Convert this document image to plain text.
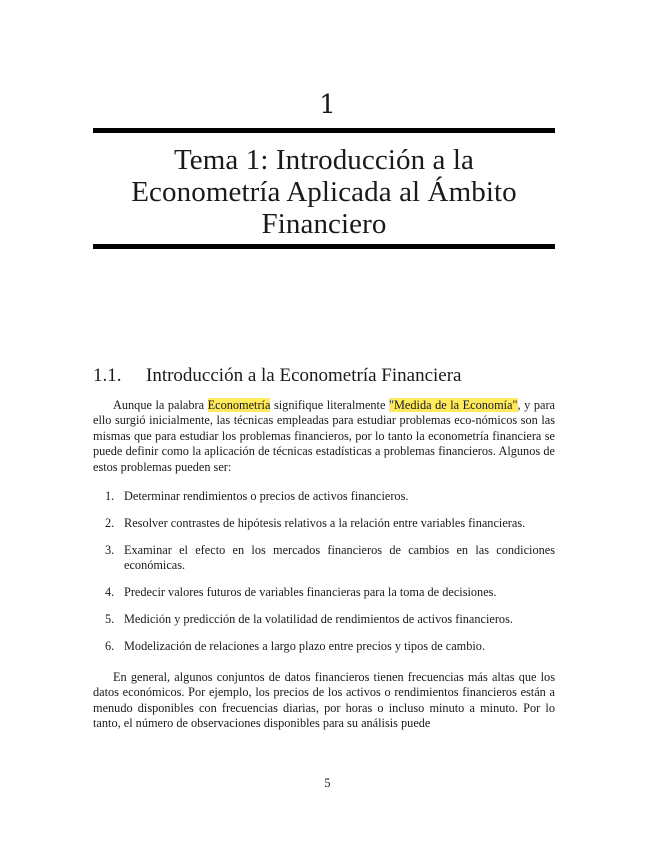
1
Tema 1: Introducción a la
Econometría Aplicada al Ámbito
Financiero
1.1. Introducción a la Econometría Financiera

Aunque la palabra Econometría signifique literalmente "Medida de la Economía", y para ello surgió inicialmente, las técnicas empleadas para estudiar problemas eco-nómicos son las mismas que para estudiar los problemas financieros, por lo tanto la econometría financiera se puede definir como la aplicación de técnicas estadísticas a problemas financieros. Algunos de estos problemas pueden ser:

1. Determinar rendimientos o precios de activos financieros.
2. Resolver contrastes de hipótesis relativos a la relación entre variables financieras.
3. Examinar el efecto en los mercados financieros de cambios en las condiciones económicas.
4. Predecir valores futuros de variables financieras para la toma de decisiones.
5. Medición y predicción de la volatilidad de rendimientos de activos financieros.
6. Modelización de relaciones a largo plazo entre precios y tipos de cambio.

En general, algunos conjuntos de datos financieros tienen frecuencias más altas que los datos económicos. Por ejemplo, los precios de los activos o rendimientos financieros están a menudo disponibles con frecuencias diarias, por horas o incluso minuto a minuto. Por lo tanto, el número de observaciones disponibles para su análisis puede

5
